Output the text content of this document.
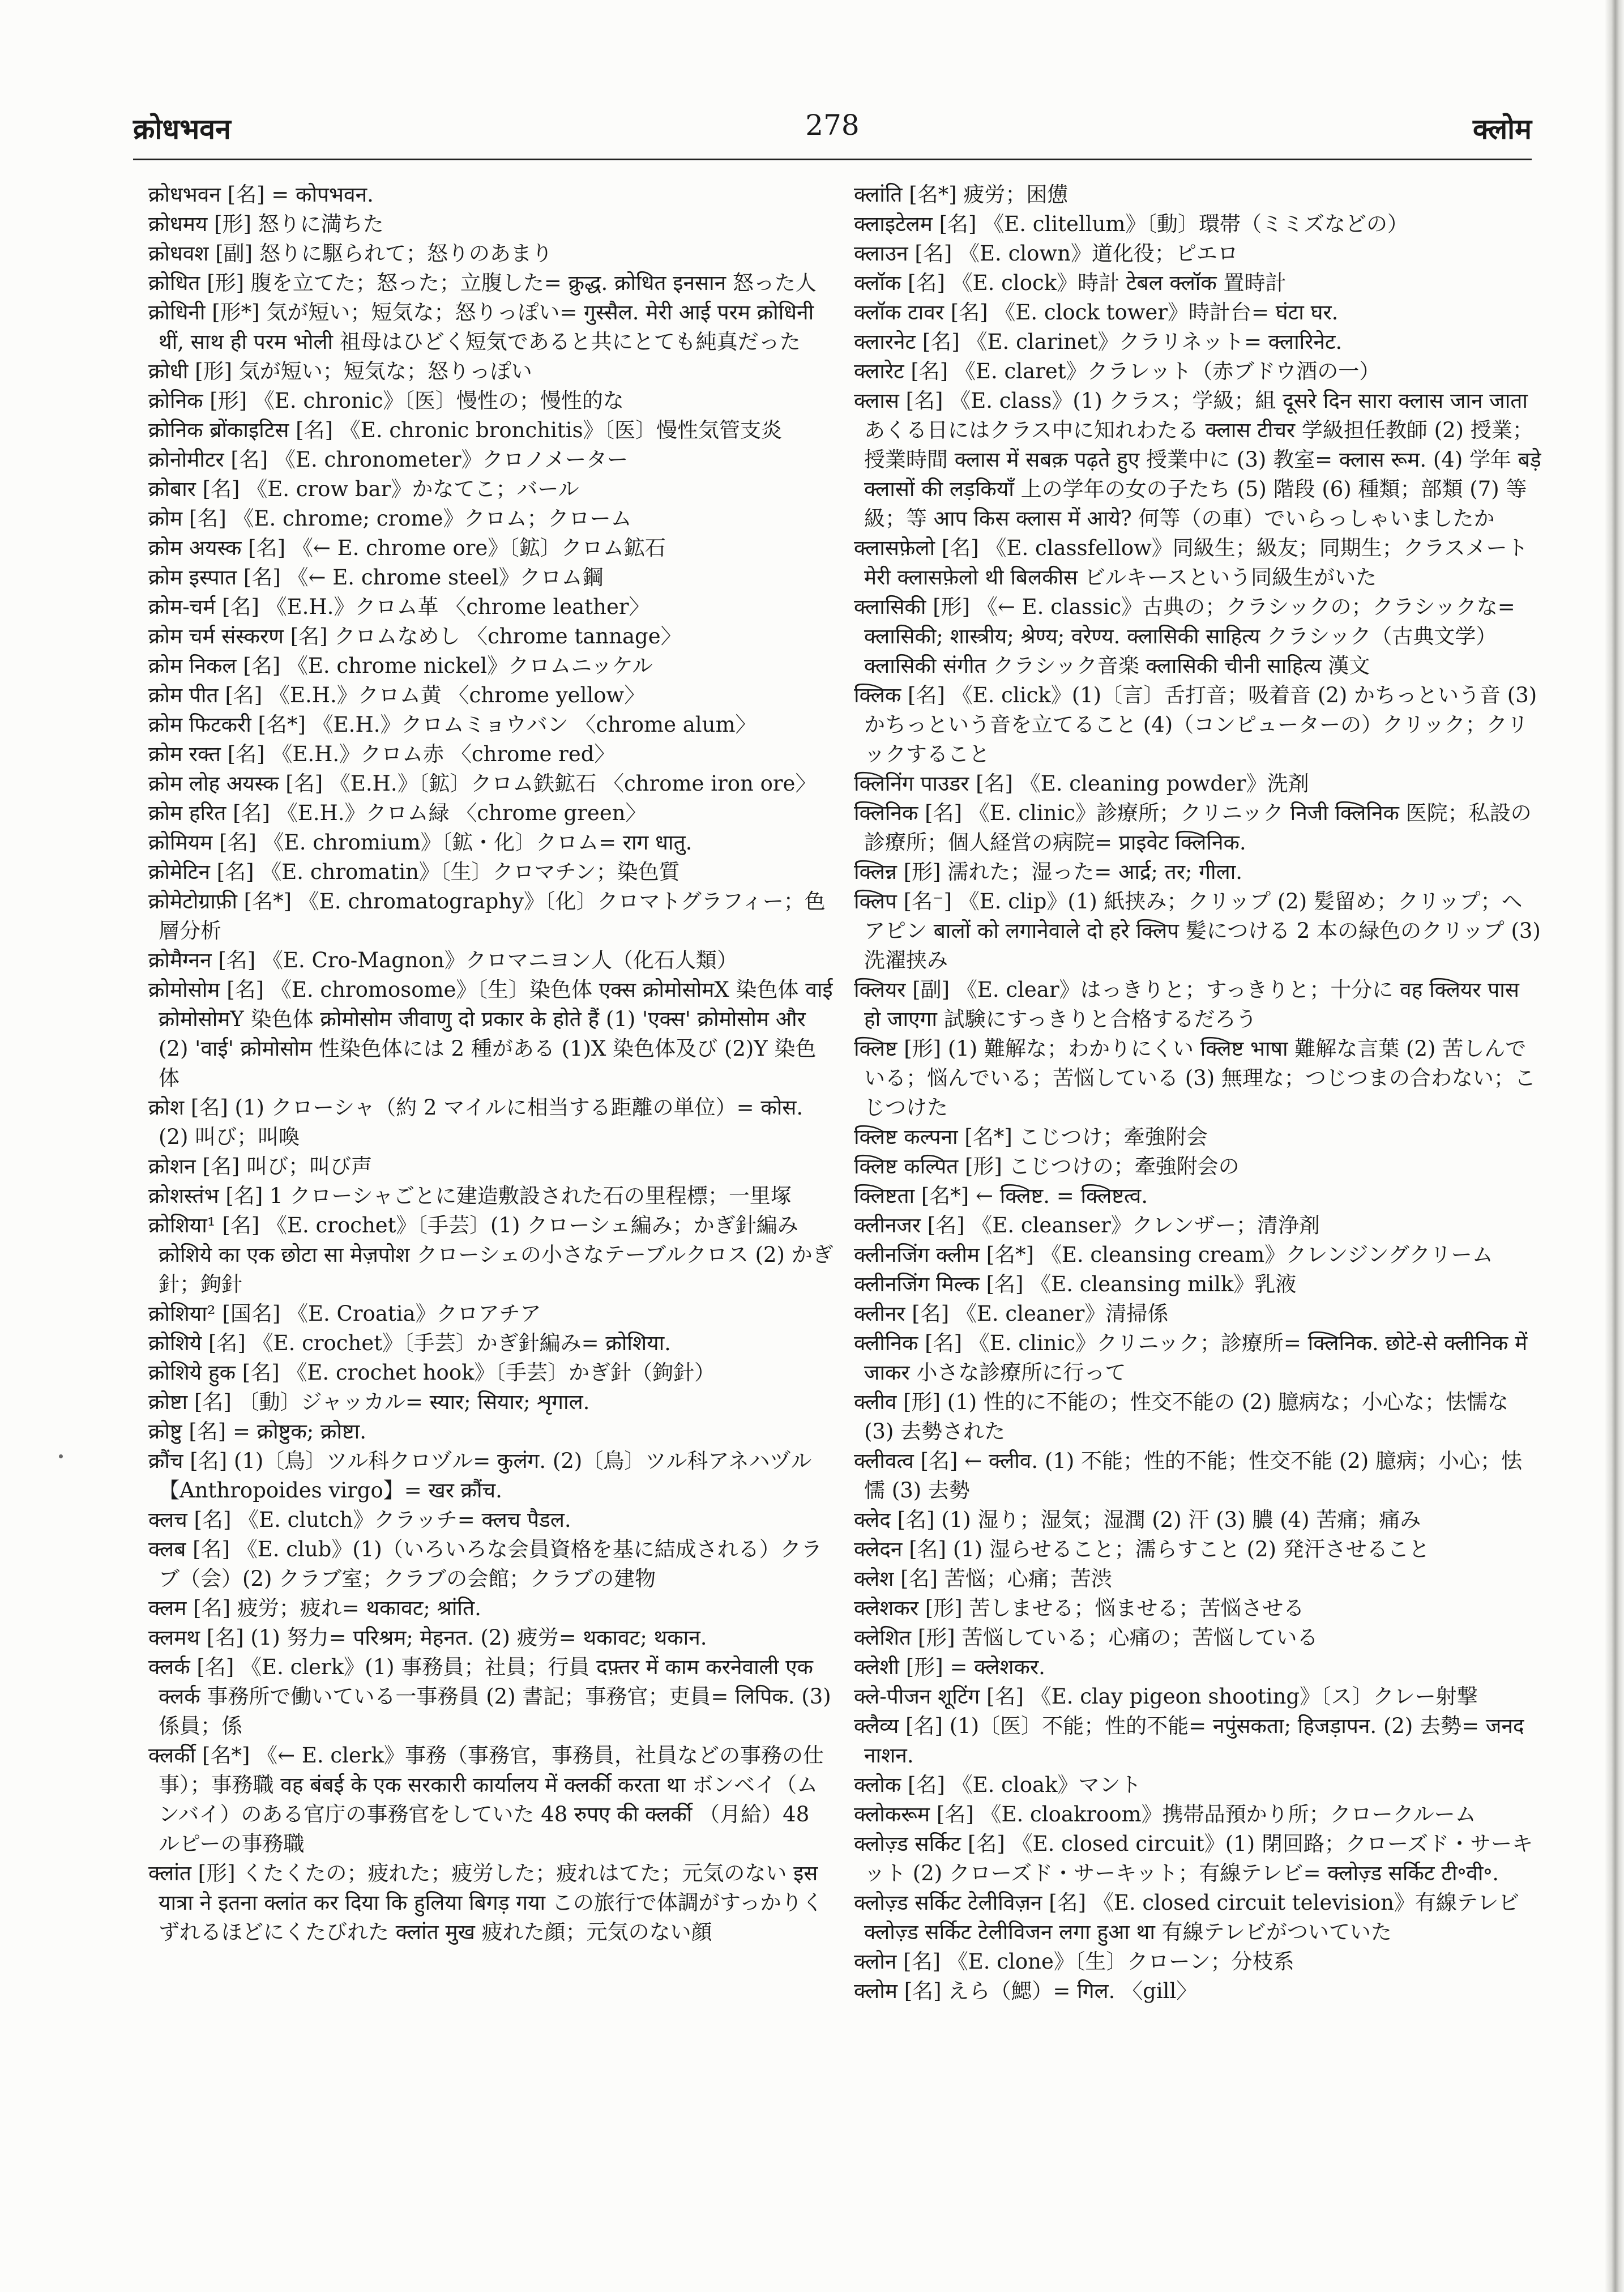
क्रोधभवन	278	क्लोम

क्रोधभवन [名] = कोपभवन.

क्रोधमय [形] 怒りに満ちた

क्रोधवश [副] 怒りに駆られて；怒りのあまり

क्रोधित [形] 腹を立てた；怒った；立腹した= क्रुद्ध. क्रोधित इनसान 怒った人

क्रोधिनी [形*] 気が短い；短気な；怒りっぽい= गुस्सैल. मेरी आई परम क्रोधिनी थीं, साथ ही परम भोली 祖母はひどく短気であると共にとても純真だった

क्रोधी [形] 気が短い；短気な；怒りっぽい

क्रोनिक [形] 《E. chronic》〔医〕慢性の；慢性的な

क्रोनिक ब्रोंकाइटिस [名] 《E. chronic bronchitis》〔医〕慢性気管支炎

क्रोनोमीटर [名] 《E. chronometer》クロノメーター

क्रोबार [名] 《E. crow bar》かなてこ；バール

क्रोम [名] 《E. chrome; crome》クロム；クローム

क्रोम अयस्क [名] 《← E. chrome ore》〔鉱〕クロム鉱石

क्रोम इस्पात [名] 《← E. chrome steel》クロム鋼

क्रोम-चर्म [名] 《E.H.》クロム革 〈chrome leather〉

क्रोम चर्म संस्करण [名] クロムなめし 〈chrome tannage〉

क्रोम निकल [名] 《E. chrome nickel》クロムニッケル

क्रोम पीत [名] 《E.H.》クロム黄 〈chrome yellow〉

क्रोम फिटकरी [名*] 《E.H.》クロムミョウバン 〈chrome alum〉

क्रोम रक्त [名] 《E.H.》クロム赤 〈chrome red〉

क्रोम लोह अयस्क [名] 《E.H.》〔鉱〕クロム鉄鉱石 〈chrome iron ore〉

क्रोम हरित [名] 《E.H.》クロム緑 〈chrome green〉

क्रोमियम [名] 《E. chromium》〔鉱・化〕クロム= राग धातु.

क्रोमेटिन [名] 《E. chromatin》〔生〕クロマチン；染色質

क्रोमेटोग्राफ़ी [名*] 《E. chromatography》〔化〕クロマトグラフィー；色層分析

क्रोमैग्नन [名] 《E. Cro-Magnon》クロマニヨン人（化石人類）

क्रोमोसोम [名] 《E. chromosome》〔生〕染色体 एक्स क्रोमोसोमX 染色体 वाई क्रोमोसोमY 染色体 क्रोमोसोम जीवाणु दो प्रकार के होते हैं (1) 'एक्स' क्रोमोसोम और (2) 'वाई' क्रोमोसोम 性染色体には 2 種がある (1)X 染色体及び (2)Y 染色体

क्रोश [名] (1) クローシャ（約 2 マイルに相当する距離の単位）= कोस. (2) 叫び；叫喚

क्रोशन [名] 叫び；叫び声

क्रोशस्तंभ [名] 1 クローシャごとに建造敷設された石の里程標；一里塚

क्रोशिया¹ [名] 《E. crochet》〔手芸〕(1) クローシェ編み；かぎ針編み क्रोशिये का एक छोटा सा मेज़पोश クローシェの小さなテーブルクロス (2) かぎ針；鉤針

क्रोशिया² [国名] 《E. Croatia》クロアチア

क्रोशिये [名] 《E. crochet》〔手芸〕かぎ針編み= क्रोशिया.

क्रोशिये हुक [名] 《E. crochet hook》〔手芸〕かぎ針（鉤針）

क्रोष्टा [名] 〔動〕ジャッカル= स्यार; सियार; शृगाल.

क्रोष्टु [名] = क्रोष्टुक; क्रोष्टा.

क्रौंच [名] (1)〔鳥〕ツル科クロヅル= कुलंग. (2)〔鳥〕ツル科アネハヅル【Anthropoides virgo】= खर क्रौंच.

क्लच [名] 《E. clutch》クラッチ= क्लच पैडल.

क्लब [名] 《E. club》(1)（いろいろな会員資格を基に結成される）クラブ（会）(2) クラブ室；クラブの会館；クラブの建物

क्लम [名] 疲労；疲れ= थकावट; श्रांति.

क्लमथ [名] (1) 努力= परिश्रम; मेहनत. (2) 疲労= थकावट; थकान.

क्लर्क [名] 《E. clerk》(1) 事務員；社員；行員 दफ़्तर में काम करनेवाली एक क्लर्क 事務所で働いている一事務員 (2) 書記；事務官；吏員= लिपिक. (3) 係員；係

क्लर्की [名*] 《← E. clerk》事務（事務官，事務員，社員などの事務の仕事）；事務職 वह बंबई के एक सरकारी कार्यालय में क्लर्की करता था ボンベイ（ムンバイ）のある官庁の事務官をしていた 48 रुपए की क्लर्की （月給）48 ルピーの事務職

क्लांत [形] くたくたの；疲れた；疲労した；疲れはてた；元気のない इस यात्रा ने इतना क्लांत कर दिया कि हुलिया बिगड़ गया この旅行で体調がすっかりくずれるほどにくたびれた क्लांत मुख 疲れた顔；元気のない顔

क्लांति [名*] 疲労；困憊

क्लाइटेलम [名] 《E. clitellum》〔動〕環帯（ミミズなどの）

क्लाउन [名] 《E. clown》道化役；ピエロ

क्लॉक [名] 《E. clock》時計 टेबल क्लॉक 置時計

क्लॉक टावर [名] 《E. clock tower》時計台= घंटा घर.

क्लारनेट [名] 《E. clarinet》クラリネット= क्लारिनेट.

क्लारेट [名] 《E. claret》クラレット（赤ブドウ酒の一）

क्लास [名] 《E. class》(1) クラス；学級；組 दूसरे दिन सारा क्लास जान जाता あくる日にはクラス中に知れわたる क्लास टीचर 学級担任教師 (2) 授業；授業時間 क्लास में सबक़ पढ़ते हुए 授業中に (3) 教室= क्लास रूम. (4) 学年 बड़े क्लासों की लड़कियाँ 上の学年の女の子たち (5) 階段 (6) 種類；部類 (7) 等級；等 आप किस क्लास में आये? 何等（の車）でいらっしゃいましたか

क्लासफ़ेलो [名] 《E. classfellow》同級生；級友；同期生；クラスメート मेरी क्लासफ़ेलो थी बिलकीस ビルキースという同級生がいた

क्लासिकी [形] 《← E. classic》古典の；クラシックの；クラシックな= क्लासिकी; शास्त्रीय; श्रेण्य; वरेण्य. क्लासिकी साहित्य クラシック（古典文学） क्लासिकी संगीत クラシック音楽 क्लासिकी चीनी साहित्य 漢文

क्लिक [名] 《E. click》(1)〔言〕舌打音；吸着音 (2) かちっという音 (3) かちっという音を立てること (4)（コンピューターの）クリック；クリックすること

क्लिनिंग पाउडर [名] 《E. cleaning powder》洗剤

क्लिनिक [名] 《E. clinic》診療所；クリニック निजी क्लिनिक 医院；私設の診療所；個人経営の病院= प्राइवेट क्लिनिक.

क्लिन्न [形] 濡れた；湿った= आर्द्र; तर; गीला.

क्लिप [名⁻] 《E. clip》(1) 紙挟み；クリップ (2) 髪留め；クリップ；ヘアピン बालों को लगानेवाले दो हरे क्लिप 髪につける 2 本の緑色のクリップ (3) 洗濯挟み

क्लियर [副] 《E. clear》はっきりと；すっきりと；十分に वह क्लियर पास हो जाएगा 試験にすっきりと合格するだろう

क्लिष्ट [形] (1) 難解な；わかりにくい क्लिष्ट भाषा 難解な言葉 (2) 苦しんでいる；悩んでいる；苦悩している (3) 無理な；つじつまの合わない；こじつけた

क्लिष्ट कल्पना [名*] こじつけ；牽強附会

क्लिष्ट कल्पित [形] こじつけの；牽強附会の

क्लिष्टता [名*] ← क्लिष्ट. = क्लिष्टत्व.

क्लीनजर [名] 《E. cleanser》クレンザー；清浄剤

क्लीनजिंग क्लीम [名*] 《E. cleansing cream》クレンジングクリーム

क्लीनजिंग मिल्क [名] 《E. cleansing milk》乳液

क्लीनर [名] 《E. cleaner》清掃係

क्लीनिक [名] 《E. clinic》クリニック；診療所= क्लिनिक. छोटे-से क्लीनिक में जाकर 小さな診療所に行って

क्लीव [形] (1) 性的に不能の；性交不能の (2) 臆病な；小心な；怯懦な (3) 去勢された

क्लीवत्व [名] ← क्लीव. (1) 不能；性的不能；性交不能 (2) 臆病；小心；怯懦 (3) 去勢

क्लेद [名] (1) 湿り；湿気；湿潤 (2) 汗 (3) 膿 (4) 苦痛；痛み

क्लेदन [名] (1) 湿らせること；濡らすこと (2) 発汗させること

क्लेश [名] 苦悩；心痛；苦渋

क्लेशकर [形] 苦しませる；悩ませる；苦悩させる

क्लेशित [形] 苦悩している；心痛の；苦悩している

क्लेशी [形] = क्लेशकर.

क्ले-पीजन शूटिंग [名] 《E. clay pigeon shooting》〔ス〕クレー射撃

क्लैव्य [名] (1)〔医〕不能；性的不能= नपुंसकता; हिजड़ापन. (2) 去勢= जनदनाशन.

क्लोक [名] 《E. cloak》マント

क्लोकरूम [名] 《E. cloakroom》携帯品預かり所；クロークルーム

क्लोज़्ड सर्किट [名] 《E. closed circuit》(1) 閉回路；クローズド・サーキット (2) クローズド・サーキット；有線テレビ= क्लोज़्ड सर्किट टी॰वी॰.

क्लोज़्ड सर्किट टेलीविज़न [名] 《E. closed circuit television》有線テレビ क्लोज़्ड सर्किट टेलीविजन लगा हुआ था 有線テレビがついていた

क्लोन [名] 《E. clone》〔生〕クローン；分枝系

क्लोम [名] えら（鰓）= गिल. 〈gill〉
